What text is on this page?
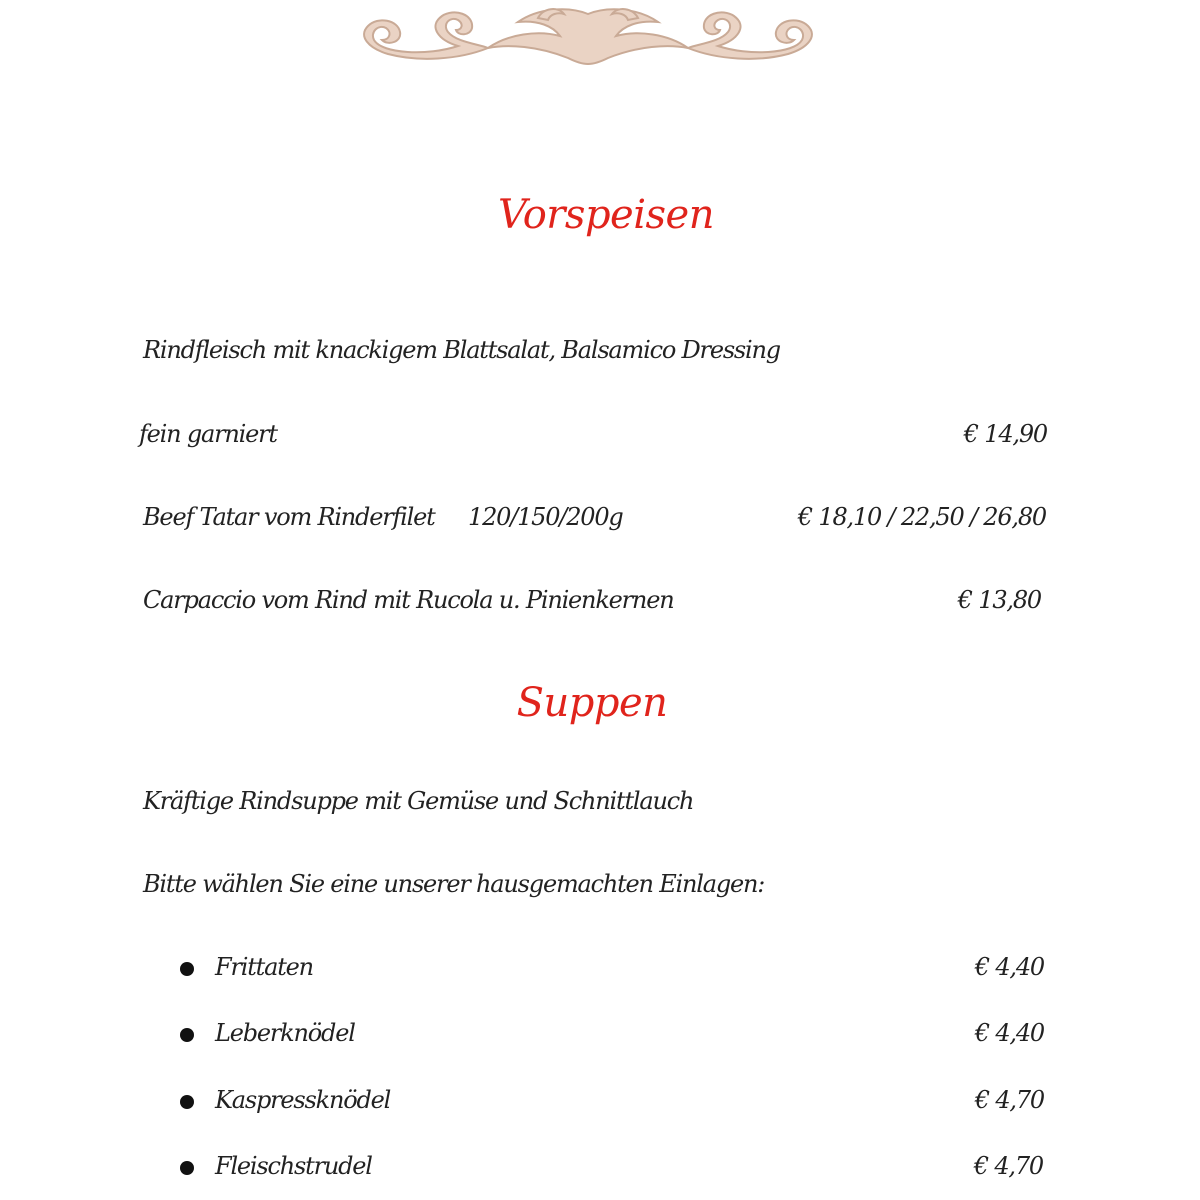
Vorspeisen
Rindfleisch mit knackigem Blattsalat, Balsamico Dressing
fein garniert	€ 14,90
Beef Tatar vom Rinderfilet 120/150/200g	€ 18,10 / 22,50 / 26,80
Carpaccio vom Rind mit Rucola u. Pinienkernen	€ 13,80
Suppen
Kräftige Rindsuppe mit Gemüse und Schnittlauch
Bitte wählen Sie eine unserer hausgemachten Einlagen:
Frittaten	€ 4,40
Leberknödel	€ 4,40
Kaspressknödel	€ 4,70
Fleischstrudel	€ 4,70
